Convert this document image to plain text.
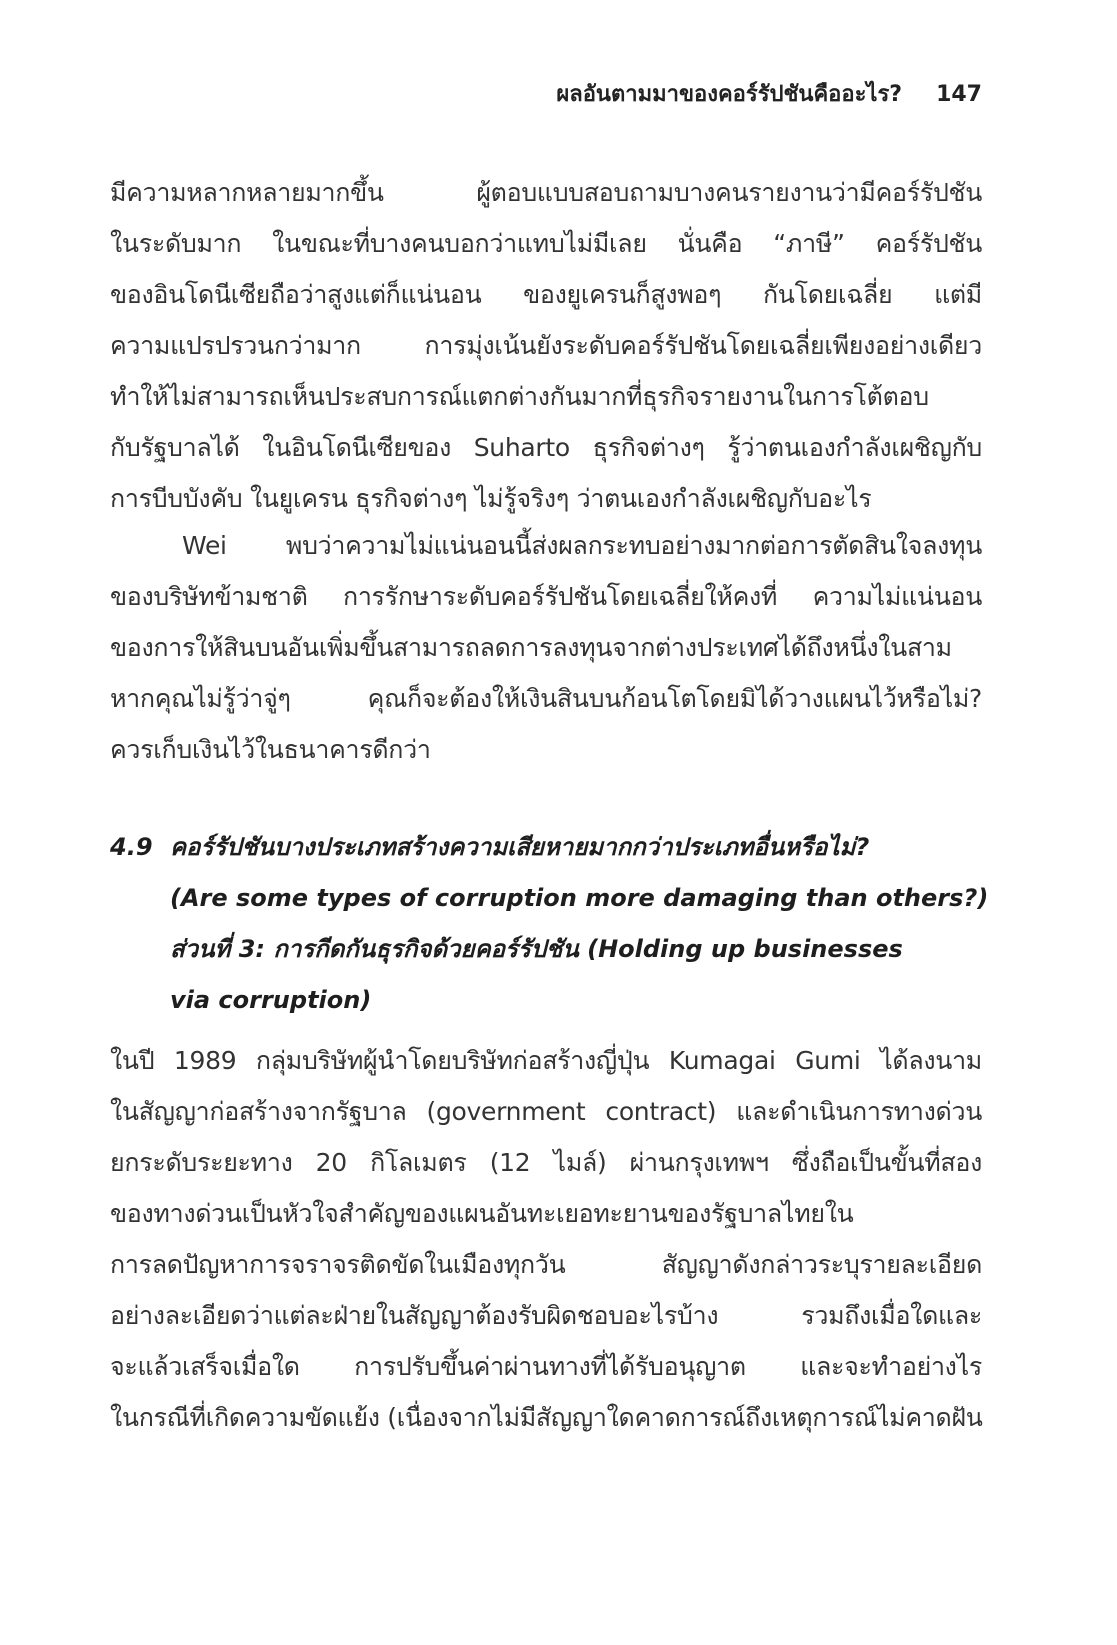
ผลอันตามมาของคอร์รัปชันคืออะไร? 147
มีความหลากหลายมากขึ้น ผู้ตอบแบบสอบถามบางคนรายงานว่ามีคอร์รัปชัน
ในระดับมาก ในขณะที่บางคนบอกว่าแทบไม่มีเลย นั่นคือ “ภาษี” คอร์รัปชัน
ของอินโดนีเซียถือว่าสูงแต่ก็แน่นอน ของยูเครนก็สูงพอๆ กันโดยเฉลี่ย แต่มี
ความแปรปรวนกว่ามาก การมุ่งเน้นยังระดับคอร์รัปชันโดยเฉลี่ยเพียงอย่างเดียว
ทำให้ไม่สามารถเห็นประสบการณ์แตกต่างกันมากที่ธุรกิจรายงานในการโต้ตอบ
กับรัฐบาลได้ ในอินโดนีเซียของ Suharto ธุรกิจต่างๆ รู้ว่าตนเองกำลังเผชิญกับ
การบีบบังคับ ในยูเครน ธุรกิจต่างๆ ไม่รู้จริงๆ ว่าตนเองกำลังเผชิญกับอะไร
Wei พบว่าความไม่แน่นอนนี้ส่งผลกระทบอย่างมากต่อการตัดสินใจลงทุน
ของบริษัทข้ามชาติ การรักษาระดับคอร์รัปชันโดยเฉลี่ยให้คงที่ ความไม่แน่นอน
ของการให้สินบนอันเพิ่มขึ้นสามารถลดการลงทุนจากต่างประเทศได้ถึงหนึ่งในสาม
หากคุณไม่รู้ว่าจู่ๆ คุณก็จะต้องให้เงินสินบนก้อนโตโดยมิได้วางแผนไว้หรือไม่?
ควรเก็บเงินไว้ในธนาคารดีกว่า
4.9 คอร์รัปชันบางประเภทสร้างความเสียหายมากกว่าประเภทอื่นหรือไม่?
(Are some types of corruption more damaging than others?)
ส่วนที่ 3: การกีดกันธุรกิจด้วยคอร์รัปชัน (Holding up businesses
via corruption)
ในปี 1989 กลุ่มบริษัทผู้นำโดยบริษัทก่อสร้างญี่ปุ่น Kumagai Gumi ได้ลงนาม
ในสัญญาก่อสร้างจากรัฐบาล (government contract) และดำเนินการทางด่วน
ยกระดับระยะทาง 20 กิโลเมตร (12 ไมล์) ผ่านกรุงเทพฯ ซึ่งถือเป็นขั้นที่สอง
ของทางด่วนเป็นหัวใจสำคัญของแผนอันทะเยอทะยานของรัฐบาลไทยใน
การลดปัญหาการจราจรติดขัดในเมืองทุกวัน สัญญาดังกล่าวระบุรายละเอียด
อย่างละเอียดว่าแต่ละฝ่ายในสัญญาต้องรับผิดชอบอะไรบ้าง รวมถึงเมื่อใดและ
จะแล้วเสร็จเมื่อใด การปรับขึ้นค่าผ่านทางที่ได้รับอนุญาต และจะทำอย่างไร
ในกรณีที่เกิดความขัดแย้ง (เนื่องจากไม่มีสัญญาใดคาดการณ์ถึงเหตุการณ์ไม่คาดฝัน
